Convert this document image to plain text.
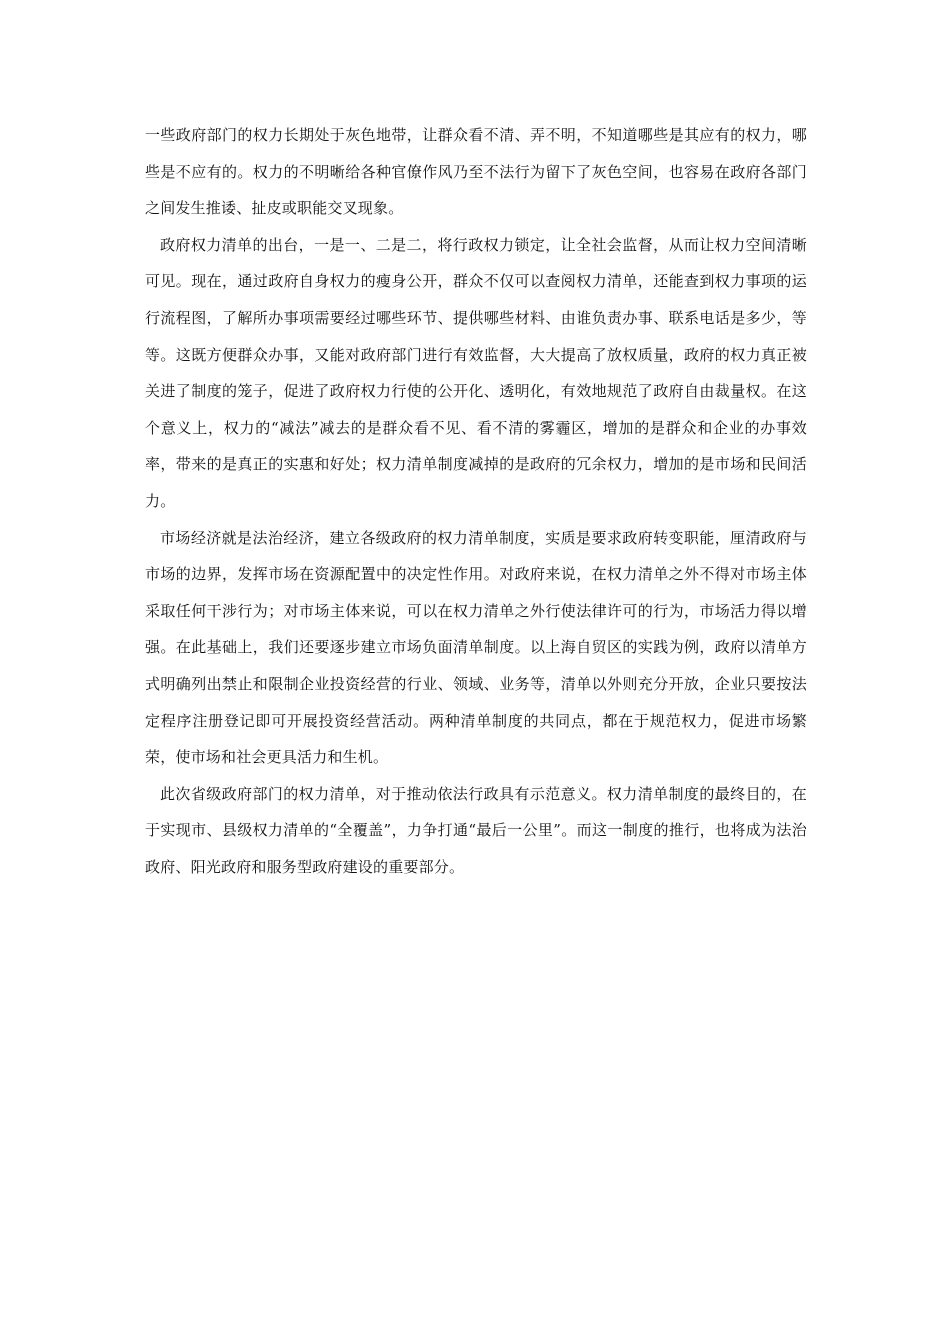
一些政府部门的权力长期处于灰色地带，让群众看不清、弄不明，不知道哪些是其应有的权力，哪些是不应有的。权力的不明晰给各种官僚作风乃至不法行为留下了灰色空间，也容易在政府各部门之间发生推诿、扯皮或职能交叉现象。

政府权力清单的出台，一是一、二是二，将行政权力锁定，让全社会监督，从而让权力空间清晰可见。现在，通过政府自身权力的瘦身公开，群众不仅可以查阅权力清单，还能查到权力事项的运行流程图，了解所办事项需要经过哪些环节、提供哪些材料、由谁负责办事、联系电话是多少，等等。这既方便群众办事，又能对政府部门进行有效监督，大大提高了放权质量，政府的权力真正被关进了制度的笼子，促进了政府权力行使的公开化、透明化，有效地规范了政府自由裁量权。在这个意义上，权力的“减法”减去的是群众看不见、看不清的雾霾区，增加的是群众和企业的办事效率，带来的是真正的实惠和好处；权力清单制度减掉的是政府的冗余权力，增加的是市场和民间活力。

市场经济就是法治经济，建立各级政府的权力清单制度，实质是要求政府转变职能，厘清政府与市场的边界，发挥市场在资源配置中的决定性作用。对政府来说，在权力清单之外不得对市场主体采取任何干涉行为；对市场主体来说，可以在权力清单之外行使法律许可的行为，市场活力得以增强。在此基础上，我们还要逐步建立市场负面清单制度。以上海自贸区的实践为例，政府以清单方式明确列出禁止和限制企业投资经营的行业、领域、业务等，清单以外则充分开放，企业只要按法定程序注册登记即可开展投资经营活动。两种清单制度的共同点，都在于规范权力，促进市场繁荣，使市场和社会更具活力和生机。

此次省级政府部门的权力清单，对于推动依法行政具有示范意义。权力清单制度的最终目的，在于实现市、县级权力清单的“全覆盖”，力争打通“最后一公里”。而这一制度的推行，也将成为法治政府、阳光政府和服务型政府建设的重要部分。
